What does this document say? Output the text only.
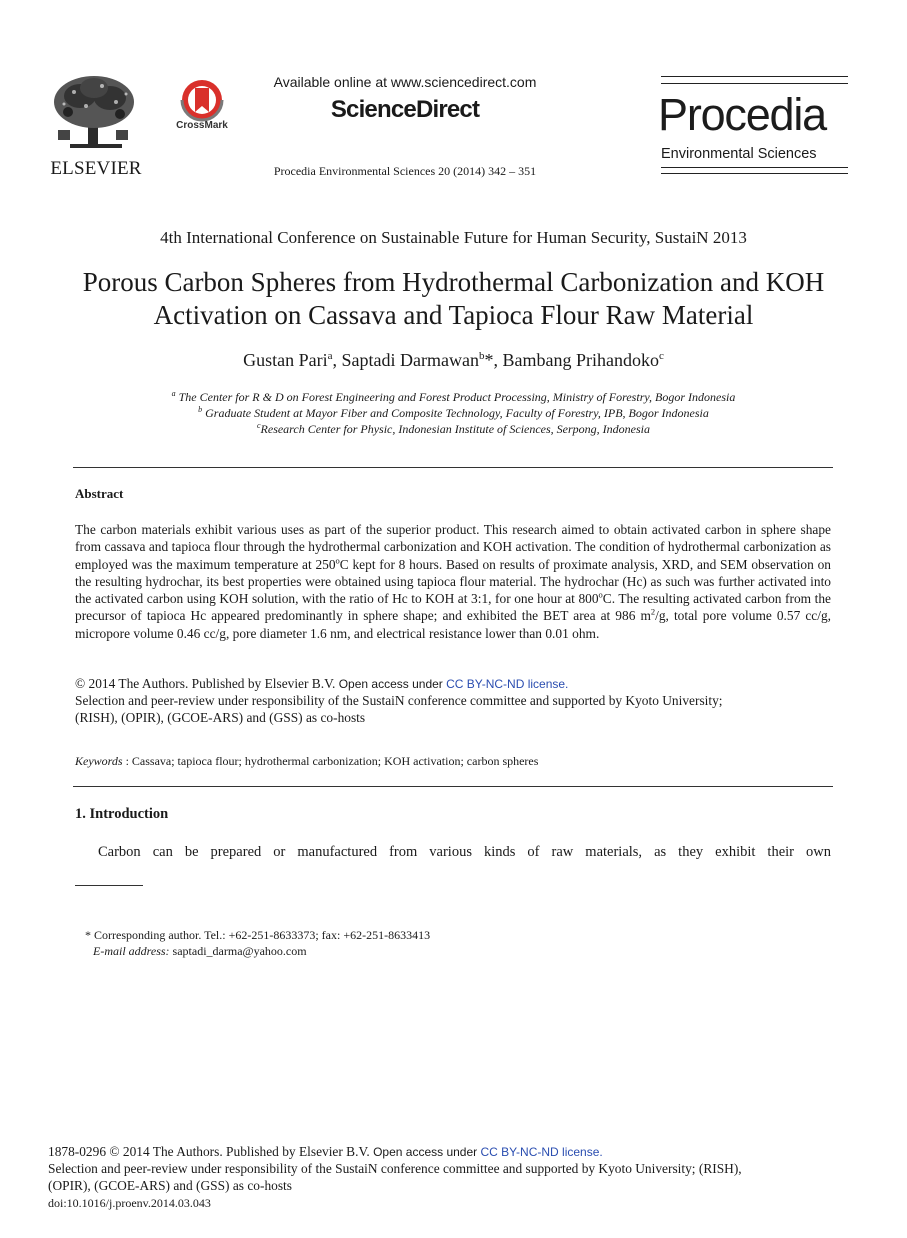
ELSEVIER
CrossMark
Available online at www.sciencedirect.com
ScienceDirect
Procedia Environmental Sciences 20 (2014) 342 – 351
Procedia
Environmental Sciences
4th International Conference on Sustainable Future for Human Security, SustaiN 2013
Porous Carbon Spheres from Hydrothermal Carbonization and KOH
Activation on Cassava and Tapioca Flour Raw Material
Gustan Pari$^a$, Saptadi Darmawan$^b$*, Bambang Prihandoko$^c$
$^a$ The Center for R & D on Forest Engineering and Forest Product Processing, Ministry of Forestry, Bogor Indonesia
$^b$ Graduate Student at Mayor Fiber and Composite Technology, Faculty of Forestry, IPB, Bogor Indonesia
$^c$Research Center for Physic, Indonesian Institute of Sciences, Serpong, Indonesia
Abstract
The carbon materials exhibit various uses as part of the superior product. This research aimed to obtain activated carbon in sphere shape from cassava and tapioca flour through the hydrothermal carbonization and KOH activation. The condition of hydrothermal carbonization as employed was the maximum temperature at 250$^o$C kept for 8 hours. Based on results of proximate analysis, XRD, and SEM observation on the resulting hydrochar, its best properties were obtained using tapioca flour material. The hydrochar (Hc) as such was further activated into the activated carbon using KOH solution, with the ratio of Hc to KOH at 3:1, for one hour at 800$^o$C. The resulting activated carbon from the precursor of tapioca Hc appeared predominantly in sphere shape; and exhibited the BET area at 986 $m^2/g$, total pore volume 0.57 cc/g, micropore volume 0.46 cc/g, pore diameter 1.6 nm, and electrical resistance lower than 0.01 ohm.
© 2014 The Authors. Published by Elsevier B.V. Open access under CC BY-NC-ND license.
Selection and peer-review under responsibility of the SustaiN conference committee and supported by Kyoto University;
(RISH), (OPIR), (GCOE-ARS) and (GSS) as co-hosts
Keywords : Cassava; tapioca flour; hydrothermal carbonization; KOH activation; carbon spheres
1. Introduction
Carbon can be prepared or manufactured from various kinds of raw materials, as they exhibit their own
* Corresponding author. Tel.: +62-251-8633373; fax: +62-251-8633413
E-mail address: saptadi_darma@yahoo.com
1878-0296 © 2014 The Authors. Published by Elsevier B.V. Open access under CC BY-NC-ND license.
Selection and peer-review under responsibility of the SustaiN conference committee and supported by Kyoto University; (RISH),
(OPIR), (GCOE-ARS) and (GSS) as co-hosts
doi:10.1016/j.proenv.2014.03.043
